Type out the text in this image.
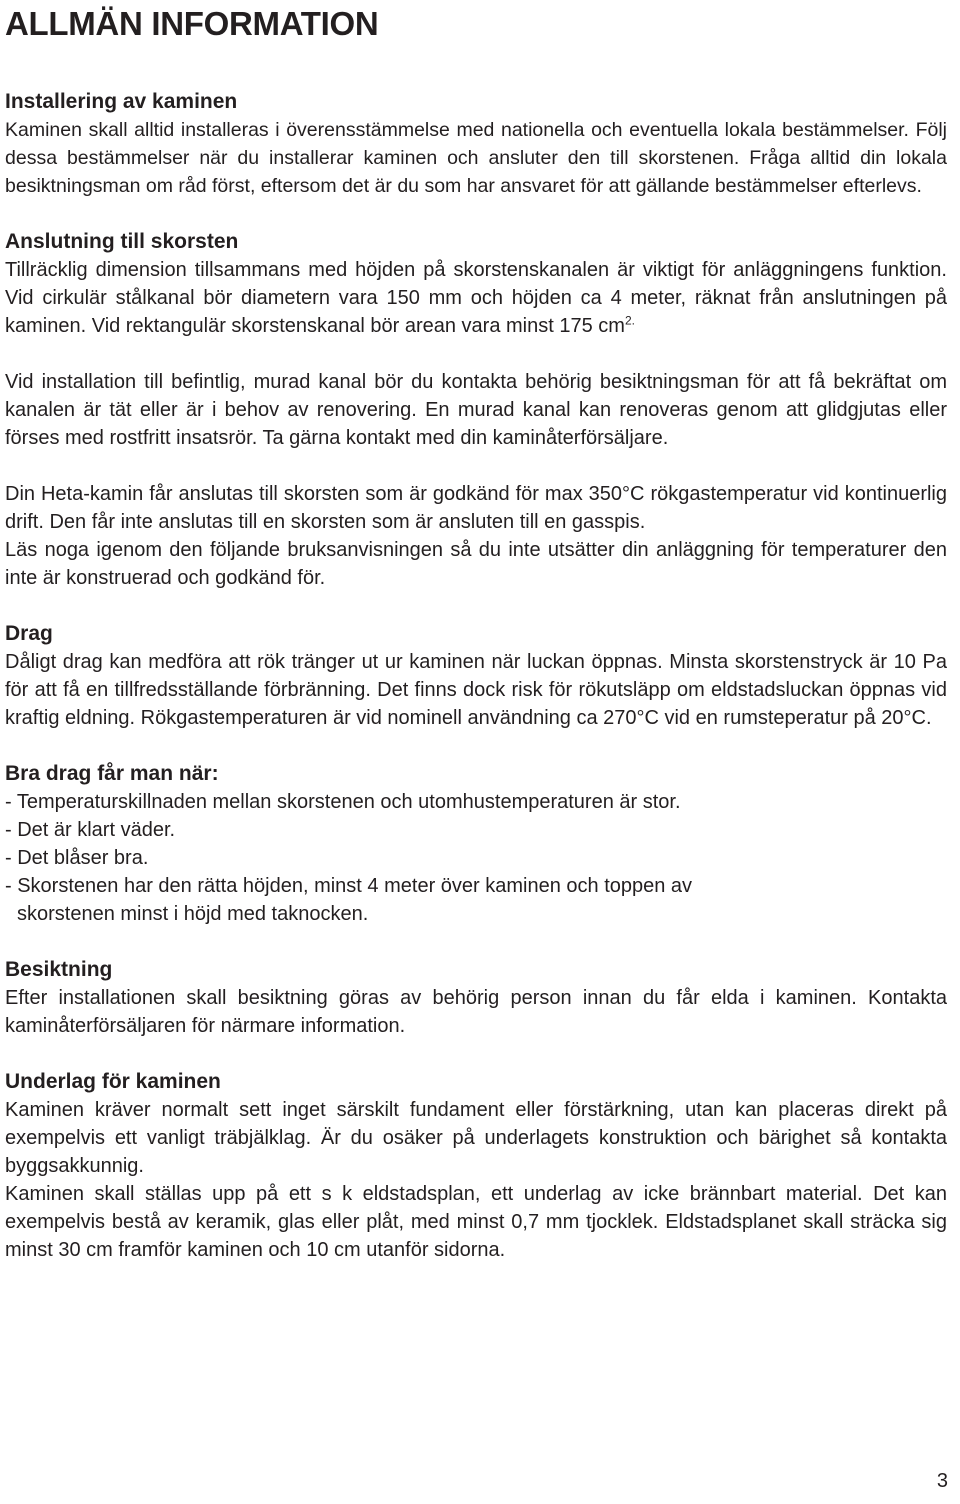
ALLMÄN INFORMATION
Installering av kaminen

Kaminen skall alltid installeras i överensstämmelse med nationella och eventuella lokala bestämmelser. Följ dessa bestämmelser när du installerar kaminen och ansluter den till skorstenen. Fråga alltid din lokala besiktningsman om råd först, eftersom det är du som har ansvaret för att gällande bestämmelser efterlevs.

Anslutning till skorsten

Tillräcklig dimension tillsammans med höjden på skorstenskanalen är viktigt för anläggningens funktion. Vid cirkulär stålkanal bör diametern vara 150 mm och höjden ca 4 meter, räknat från anslutningen på kaminen. Vid rektangulär skorstenskanal bör arean vara minst 175 $cm^{2.}$

Vid installation till befintlig, murad kanal bör du kontakta behörig besiktningsman för att få bekräftat om kanalen är tät eller är i behov av renovering. En murad kanal kan renoveras genom att glidgjutas eller förses med rostfritt insatsrör. Ta gärna kontakt med din kaminåterförsäljare.

Din Heta-kamin får anslutas till skorsten som är godkänd för max 350°C rökgastemperatur vid kontinuerlig drift. Den får inte anslutas till en skorsten som är ansluten till en gasspis.

Läs noga igenom den följande bruksanvisningen så du inte utsätter din anläggning för temperaturer den inte är konstruerad och godkänd för.

Drag

Dåligt drag kan medföra att rök tränger ut ur kaminen när luckan öppnas. Minsta skorstenstryck är 10 Pa för att få en tillfredsställande förbränning. Det finns dock risk för rökutsläpp om eldstadsluckan öppnas vid kraftig eldning. Rökgastemperaturen är vid nominell användning ca 270°C vid en rumsteperatur på 20°C.

Bra drag får man när:
- Temperaturskillnaden mellan skorstenen och utomhustemperaturen är stor.
- Det är klart väder.
- Det blåser bra.
- Skorstenen har den rätta höjden, minst 4 meter över kaminen och toppen av
skorstenen minst i höjd med taknocken.
Besiktning

Efter installationen skall besiktning göras av behörig person innan du får elda i kaminen. Kontakta kaminåterförsäljaren för närmare information.

Underlag för kaminen

Kaminen kräver normalt sett inget särskilt fundament eller förstärkning, utan kan placeras direkt på exempelvis ett vanligt träbjälklag. Är du osäker på underlagets konstruktion och bärighet så kontakta byggsakkunnig.

Kaminen skall ställas upp på ett s k eldstadsplan, ett underlag av icke brännbart material. Det kan exempelvis bestå av keramik, glas eller plåt, med minst 0,7 mm tjocklek. Eldstadsplanet skall sträcka sig minst 30 cm framför kaminen och 10 cm utanför sidorna.

3
